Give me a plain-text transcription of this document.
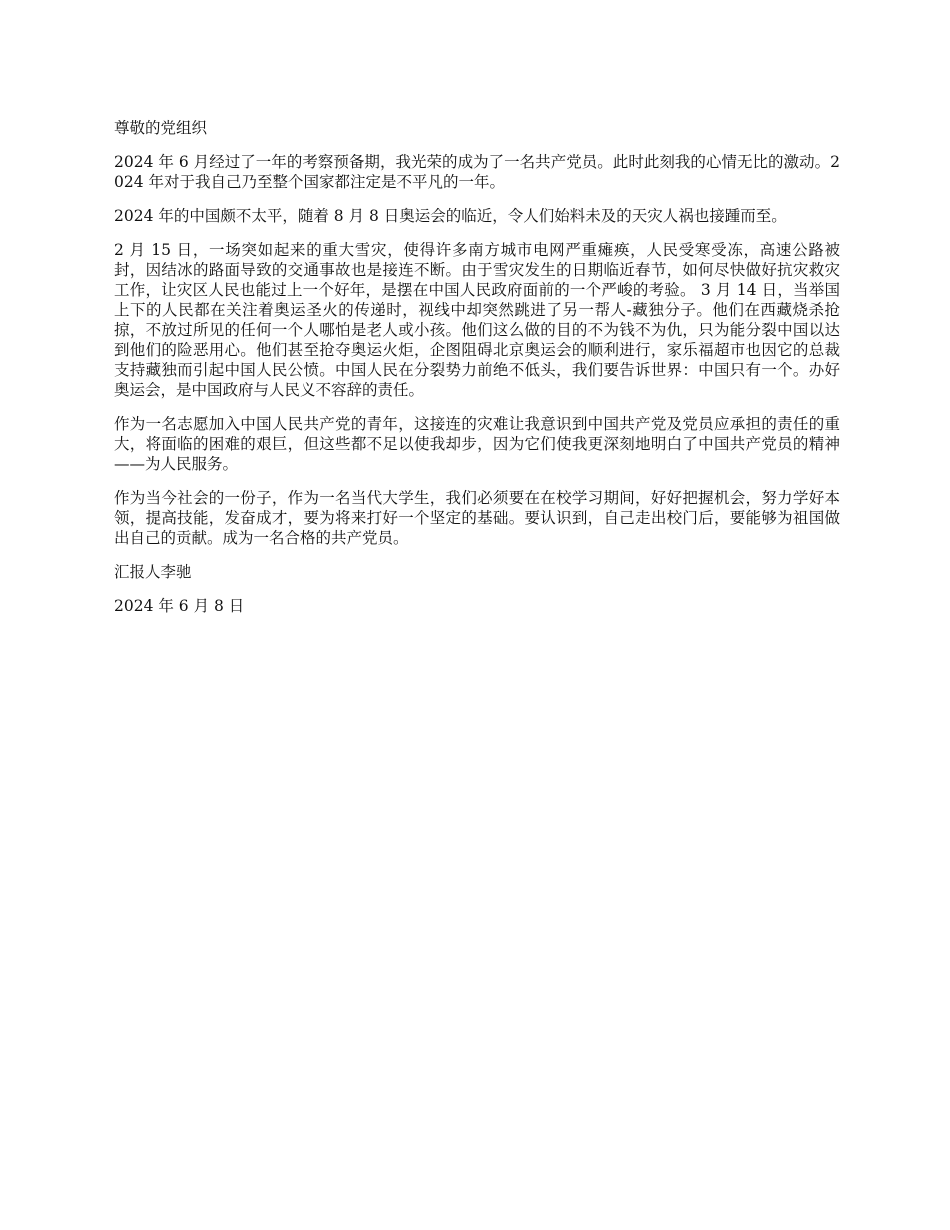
尊敬的党组织

2024 年 6 月经过了一年的考察预备期，我光荣的成为了一名共产党员。此时此刻我的心情无比的激动。2024 年对于我自己乃至整个国家都注定是不平凡的一年。

2024 年的中国颇不太平，随着 8 月 8 日奥运会的临近，令人们始料未及的天灾人祸也接踵而至。

2 月 15 日，一场突如起来的重大雪灾，使得许多南方城市电网严重瘫痪，人民受寒受冻，高速公路被封，因结冰的路面导致的交通事故也是接连不断。由于雪灾发生的日期临近春节，如何尽快做好抗灾救灾工作，让灾区人民也能过上一个好年，是摆在中国人民政府面前的一个严峻的考验。 3 月 14 日，当举国上下的人民都在关注着奥运圣火的传递时，视线中却突然跳进了另一帮人-藏独分子。他们在西藏烧杀抢掠，不放过所见的任何一个人哪怕是老人或小孩。他们这么做的目的不为钱不为仇，只为能分裂中国以达到他们的险恶用心。他们甚至抢夺奥运火炬，企图阻碍北京奥运会的顺利进行，家乐福超市也因它的总裁支持藏独而引起中国人民公愤。中国人民在分裂势力前绝不低头，我们要告诉世界：中国只有一个。办好奥运会，是中国政府与人民义不容辞的责任。

作为一名志愿加入中国人民共产党的青年，这接连的灾难让我意识到中国共产党及党员应承担的责任的重大，将面临的困难的艰巨，但这些都不足以使我却步，因为它们使我更深刻地明白了中国共产党员的精神——为人民服务。

作为当今社会的一份子，作为一名当代大学生，我们必须要在在校学习期间，好好把握机会，努力学好本领，提高技能，发奋成才，要为将来打好一个坚定的基础。要认识到，自己走出校门后，要能够为祖国做出自己的贡献。成为一名合格的共产党员。

汇报人李驰

2024 年 6 月 8 日
